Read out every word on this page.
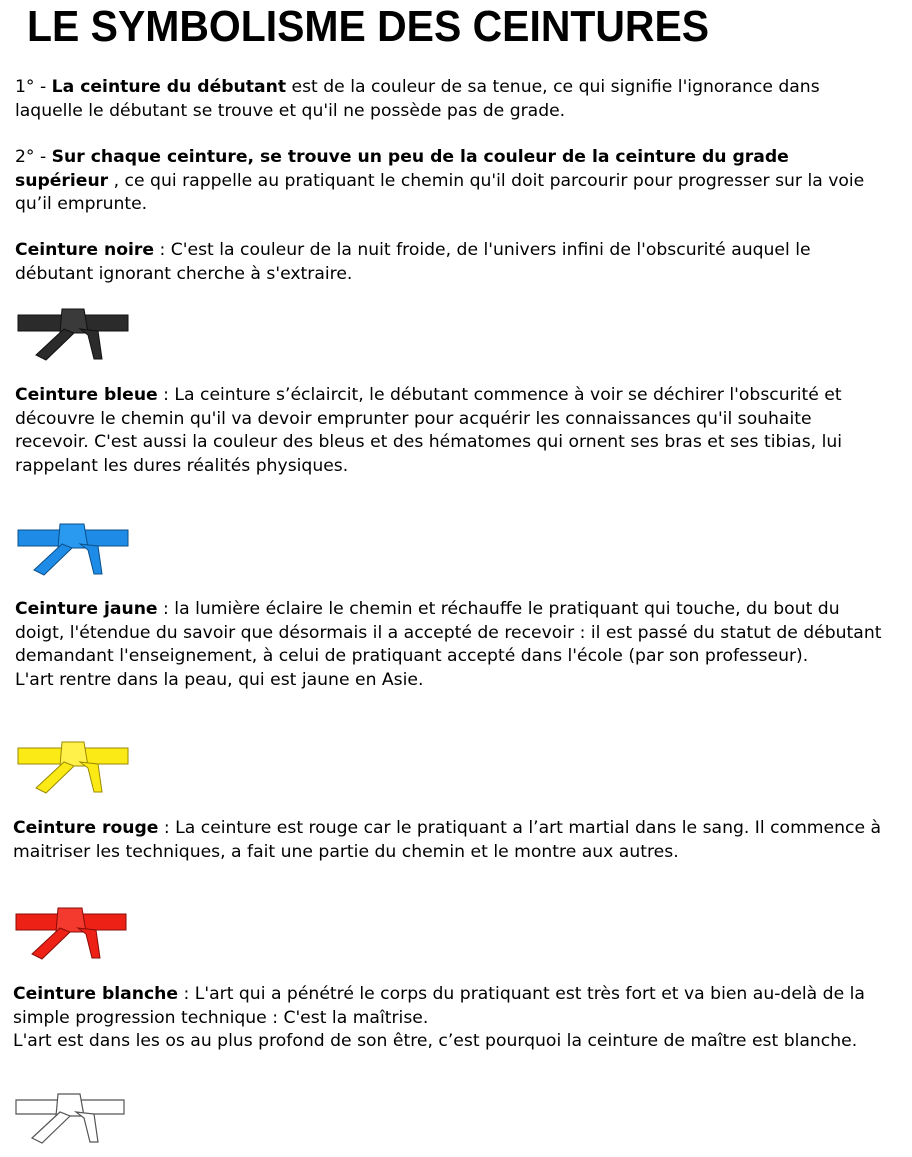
LE SYMBOLISME DES CEINTURES

1° - La ceinture du débutant est de la couleur de sa tenue, ce qui signifie l'ignorance dans laquelle le débutant se trouve et qu'il ne possède pas de grade.

2° - Sur chaque ceinture, se trouve un peu de la couleur de la ceinture du grade supérieur , ce qui rappelle au pratiquant le chemin qu'il doit parcourir pour progresser sur la voie qu’il emprunte.

Ceinture noire : C'est la couleur de la nuit froide, de l'univers infini de l'obscurité auquel le débutant ignorant cherche à s'extraire.

Ceinture bleue : La ceinture s’éclaircit, le débutant commence à voir se déchirer l'obscurité et découvre le chemin qu'il va devoir emprunter pour acquérir les connaissances qu'il souhaite recevoir. C'est aussi la couleur des bleus et des hématomes qui ornent ses bras et ses tibias, lui rappelant les dures réalités physiques.

Ceinture jaune : la lumière éclaire le chemin et réchauffe le pratiquant qui touche, du bout du doigt, l'étendue du savoir que désormais il a accepté de recevoir : il est passé du statut de débutant demandant l'enseignement, à celui de pratiquant accepté dans l'école (par son professeur).
L'art rentre dans la peau, qui est jaune en Asie.

Ceinture rouge : La ceinture est rouge car le pratiquant a l’art martial dans le sang. Il commence à maitriser les techniques, a fait une partie du chemin et le montre aux autres.

Ceinture blanche : L'art qui a pénétré le corps du pratiquant est très fort et va bien au-delà de la simple progression technique : C'est la maîtrise.
L'art est dans les os au plus profond de son être, c’est pourquoi la ceinture de maître est blanche.
